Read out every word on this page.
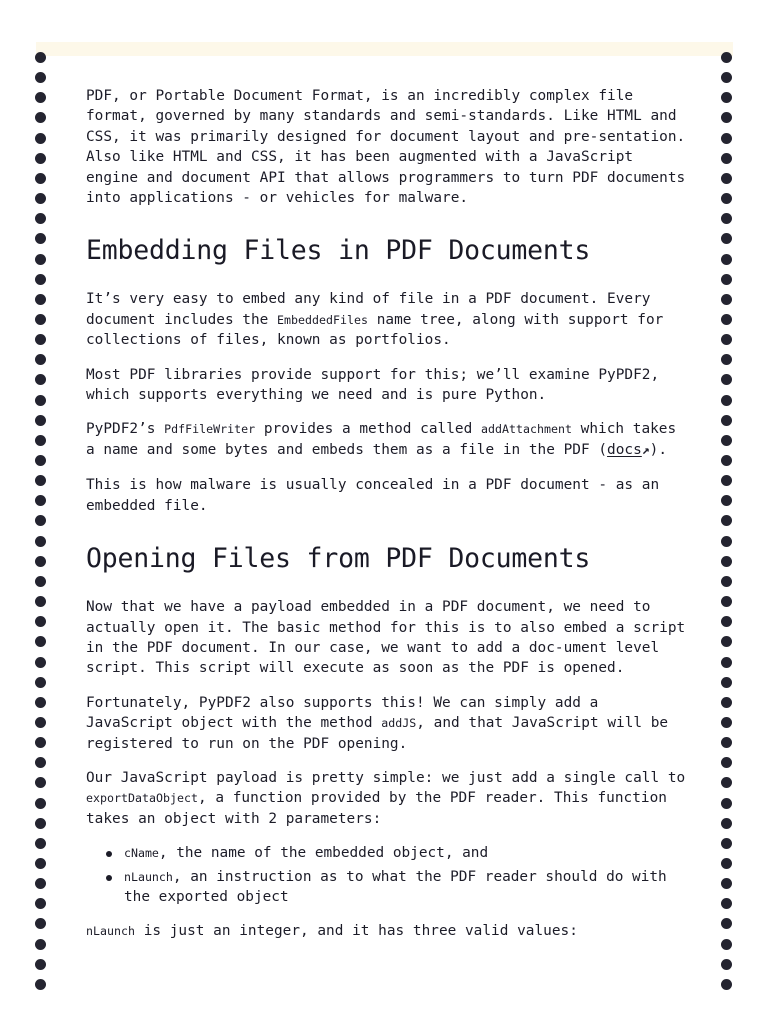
PDF, or Portable Document Format, is an incredibly complex file format, governed by many standards and semi-standards. Like HTML and CSS, it was primarily designed for document layout and pre-sentation. Also like HTML and CSS, it has been augmented with a JavaScript engine and document API that allows programmers to turn PDF documents into applications - or vehicles for malware.

Embedding Files in PDF Documents

It’s very easy to embed any kind of file in a PDF document. Every document includes the EmbeddedFiles name tree, along with support for collections of files, known as portfolios.

Most PDF libraries provide support for this; we’ll examine PyPDF2, which supports everything we need and is pure Python.

PyPDF2’s PdfFileWriter provides a method called addAttachment which takes a name and some bytes and embeds them as a file in the PDF (docs↗).

This is how malware is usually concealed in a PDF document - as an embedded file.

Opening Files from PDF Documents

Now that we have a payload embedded in a PDF document, we need to actually open it. The basic method for this is to also embed a script in the PDF document. In our case, we want to add a doc-ument level script. This script will execute as soon as the PDF is opened.

Fortunately, PyPDF2 also supports this! We can simply add a JavaScript object with the method addJS, and that JavaScript will be registered to run on the PDF opening.

Our JavaScript payload is pretty simple: we just add a single call to exportDataObject, a function provided by the PDF reader. This function takes an object with 2 parameters:

cName, the name of the embedded object, and
nLaunch, an instruction as to what the PDF reader should do with the exported object

nLaunch is just an integer, and it has three valid values:
